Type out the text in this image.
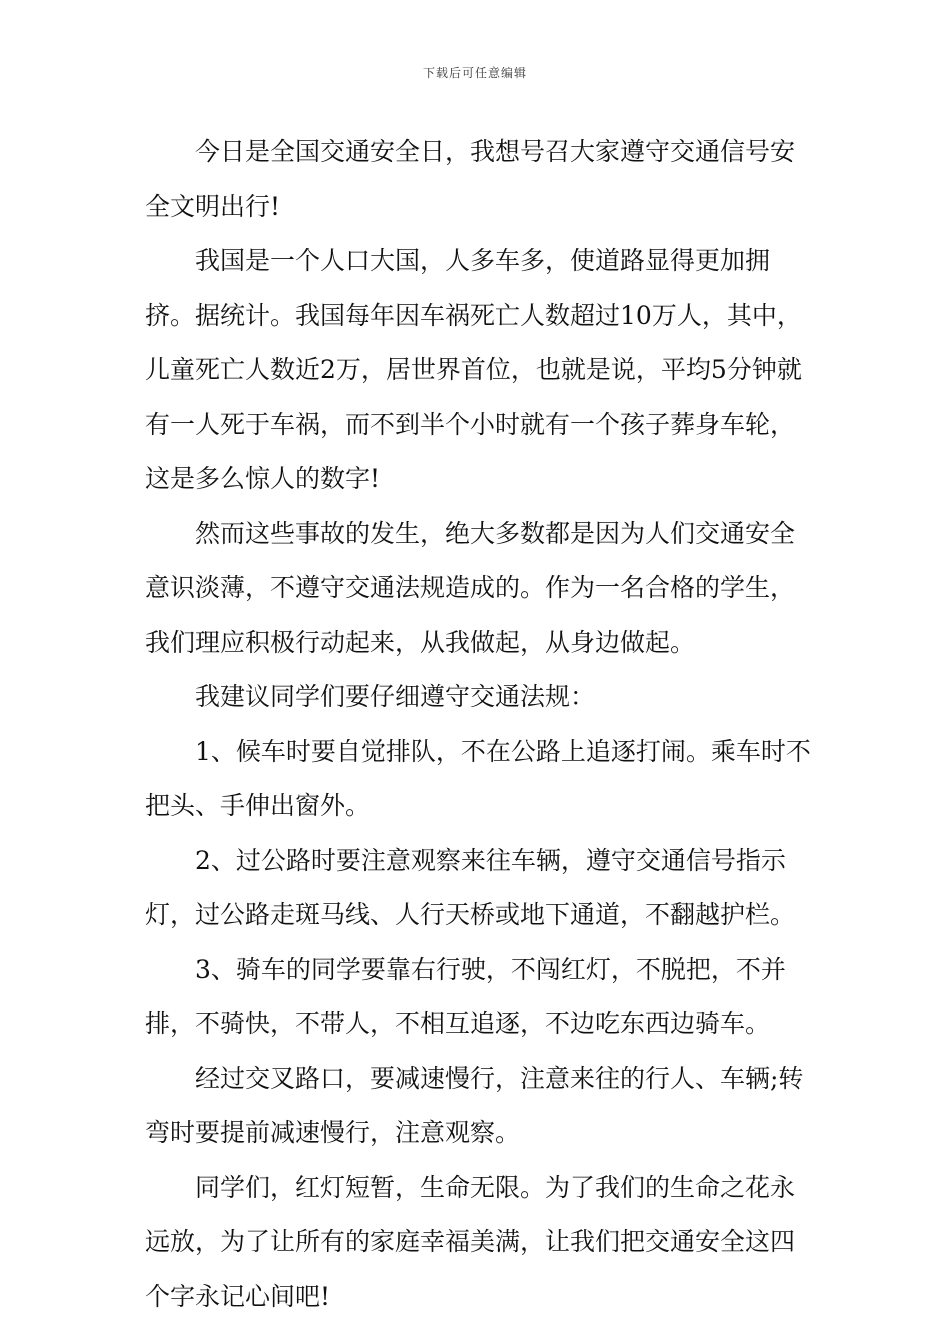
下载后可任意编辑

今日是全国交通安全日，我想号召大家遵守交通信号安全文明出行!

我国是一个人口大国，人多车多，使道路显得更加拥挤。据统计。我国每年因车祸死亡人数超过10万人，其中，儿童死亡人数近2万，居世界首位，也就是说，平均5分钟就有一人死于车祸，而不到半个小时就有一个孩子葬身车轮，这是多么惊人的数字!

然而这些事故的发生，绝大多数都是因为人们交通安全意识淡薄，不遵守交通法规造成的。作为一名合格的学生，我们理应积极行动起来，从我做起，从身边做起。

我建议同学们要仔细遵守交通法规：

1、候车时要自觉排队，不在公路上追逐打闹。乘车时不把头、手伸出窗外。

2、过公路时要注意观察来往车辆，遵守交通信号指示灯，过公路走斑马线、人行天桥或地下通道，不翻越护栏。

3、骑车的同学要靠右行驶，不闯红灯，不脱把，不并排，不骑快，不带人，不相互追逐，不边吃东西边骑车。

经过交叉路口，要减速慢行，注意来往的行人、车辆;转弯时要提前减速慢行，注意观察。

同学们，红灯短暂，生命无限。为了我们的生命之花永远放，为了让所有的家庭幸福美满，让我们把交通安全这四个字永记心间吧!
